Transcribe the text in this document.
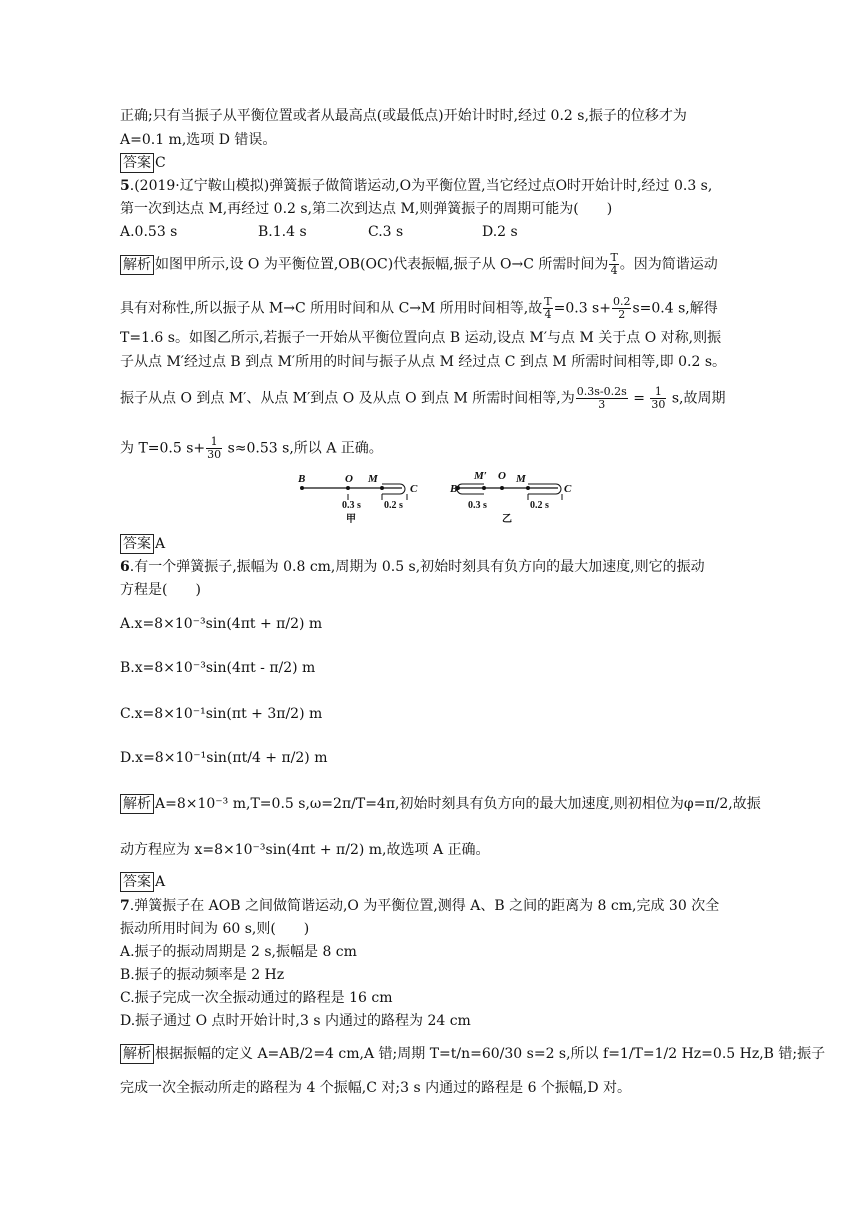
正确;只有当振子从平衡位置或者从最高点(或最低点)开始计时时,经过 0.2 s,振子的位移才为
A=0.1 m,选项 D 错误。
答案 C
5.(2019·辽宁鞍山模拟)弹簧振子做简谐运动,O为平衡位置,当它经过点O时开始计时,经过 0.3 s,
第一次到达点 M,再经过 0.2 s,第二次到达点 M,则弹簧振子的周期可能为(　　)
A.0.53 s	B.1.4 s	C.3 s	D.2 s
解析 如图甲所示,设 O 为平衡位置,OB(OC)代表振幅,振子从 O→C 所需时间为 $\frac{T}{4}$ 。因为简谐运动
具有对称性,所以振子从 M→C 所用时间和从 C→M 所用时间相等,故 $\frac{T}{4} =0.3$ $s+ \frac{0.2}{2} s=0.4$ s,解得
T=1.6 s。如图乙所示,若振子一开始从平衡位置向点 B 运动,设点 M′与点 M 关于点 O 对称,则振
子从点 M′经过点 B 到点 M′所用的时间与振子从点 M 经过点 C 到点 M 所需时间相等,即 0.2 s。
振子从点 O 到点 M′、从点 M′到点 O 及从点 O 到点 M 所需时间相等,为 $\frac{0.3s-0.2s}{3} = \frac{1}{30} s$,故周期
为 T=0.5 $s+ \frac{1}{30} s\approx 0.53$ s,所以 A 正确。
B	O M
C
0.3 s 0.2 s
甲
B
M′ O M
C
0.3 s	0.2 s
乙
答案 A
6.有一个弹簧振子,振幅为 0.8 cm,周期为 0.5 s,初始时刻具有负方向的最大加速度,则它的振动
方程是(　　)
A.x=8×10⁻³sin(4πt + π/2) m
B.x=8×10⁻³sin(4πt - π/2) m
C.x=8×10⁻¹sin(πt + 3π/2) m
D.x=8×10⁻¹sin(πt/4 + π/2) m
解析 A=8×10⁻³ m,T=0.5 s,ω=2π/T=4π,初始时刻具有负方向的最大加速度,则初相位为φ=π/2,故振
动方程应为 x=8×10⁻³sin(4πt + π/2) m,故选项 A 正确。
答案 A
7.弹簧振子在 AOB 之间做简谐运动,O 为平衡位置,测得 A、B 之间的距离为 8 cm,完成 30 次全
振动所用时间为 60 s,则(　　)
A.振子的振动周期是 2 s,振幅是 8 cm
B.振子的振动频率是 2 Hz
C.振子完成一次全振动通过的路程是 16 cm
D.振子通过 O 点时开始计时,3 s 内通过的路程为 24 cm
解析 根据振幅的定义 A=AB/2=4 cm,A 错;周期 T=t/n=60/30 s=2 s,所以 f=1/T=1/2 Hz=0.5 Hz,B 错;振子
完成一次全振动所走的路程为 4 个振幅,C 对;3 s 内通过的路程是 6 个振幅,D 对。
